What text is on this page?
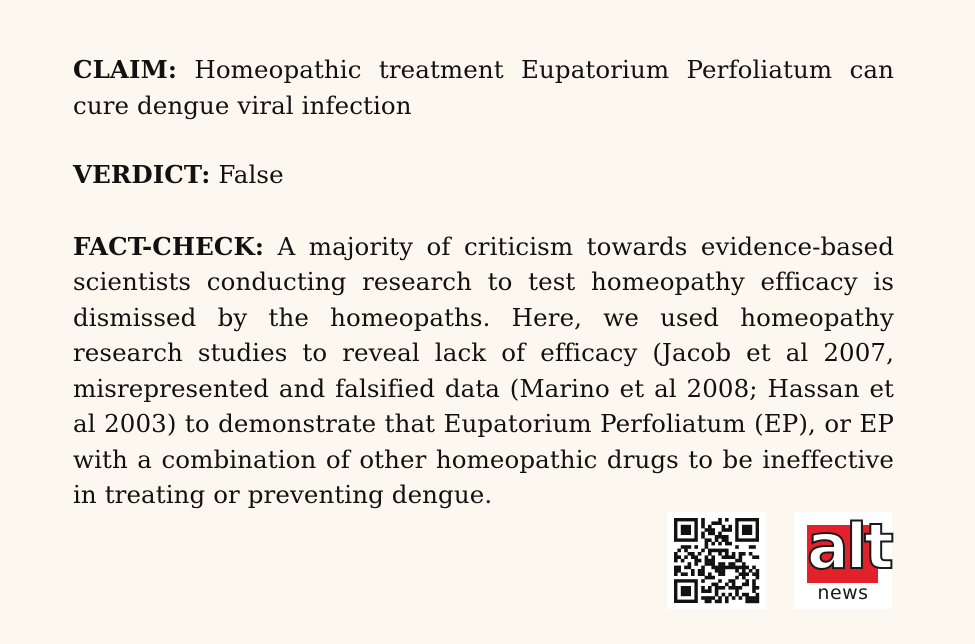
CLAIM: Homeopathic treatment Eupatorium Perfoliatum can cure dengue viral infection

VERDICT: False

FACT-CHECK: A majority of criticism towards evidence-based scientists conducting research to test homeopathy efficacy is dismissed by the homeopaths. Here, we used homeopathy research studies to reveal lack of efficacy (Jacob et al 2007, misrepresented and falsified data (Marino et al 2008; Hassan et al 2003) to demonstrate that Eupatorium Perfoliatum (EP), or EP with a combination of other homeopathic drugs to be ineffective in treating or preventing dengue.

alt
news
